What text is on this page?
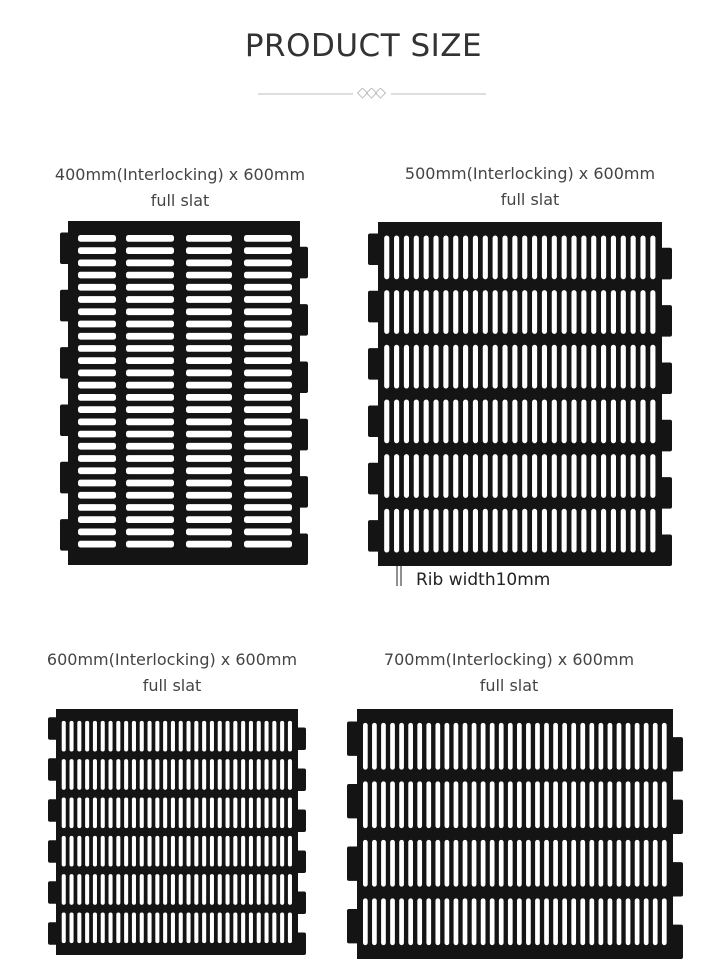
PRODUCT SIZE
400mm(Interlocking) x 600mm
full slat
500mm(Interlocking) x 600mm
full slat
Rib width10mm
600mm(Interlocking) x 600mm
full slat
700mm(Interlocking) x 600mm
full slat
